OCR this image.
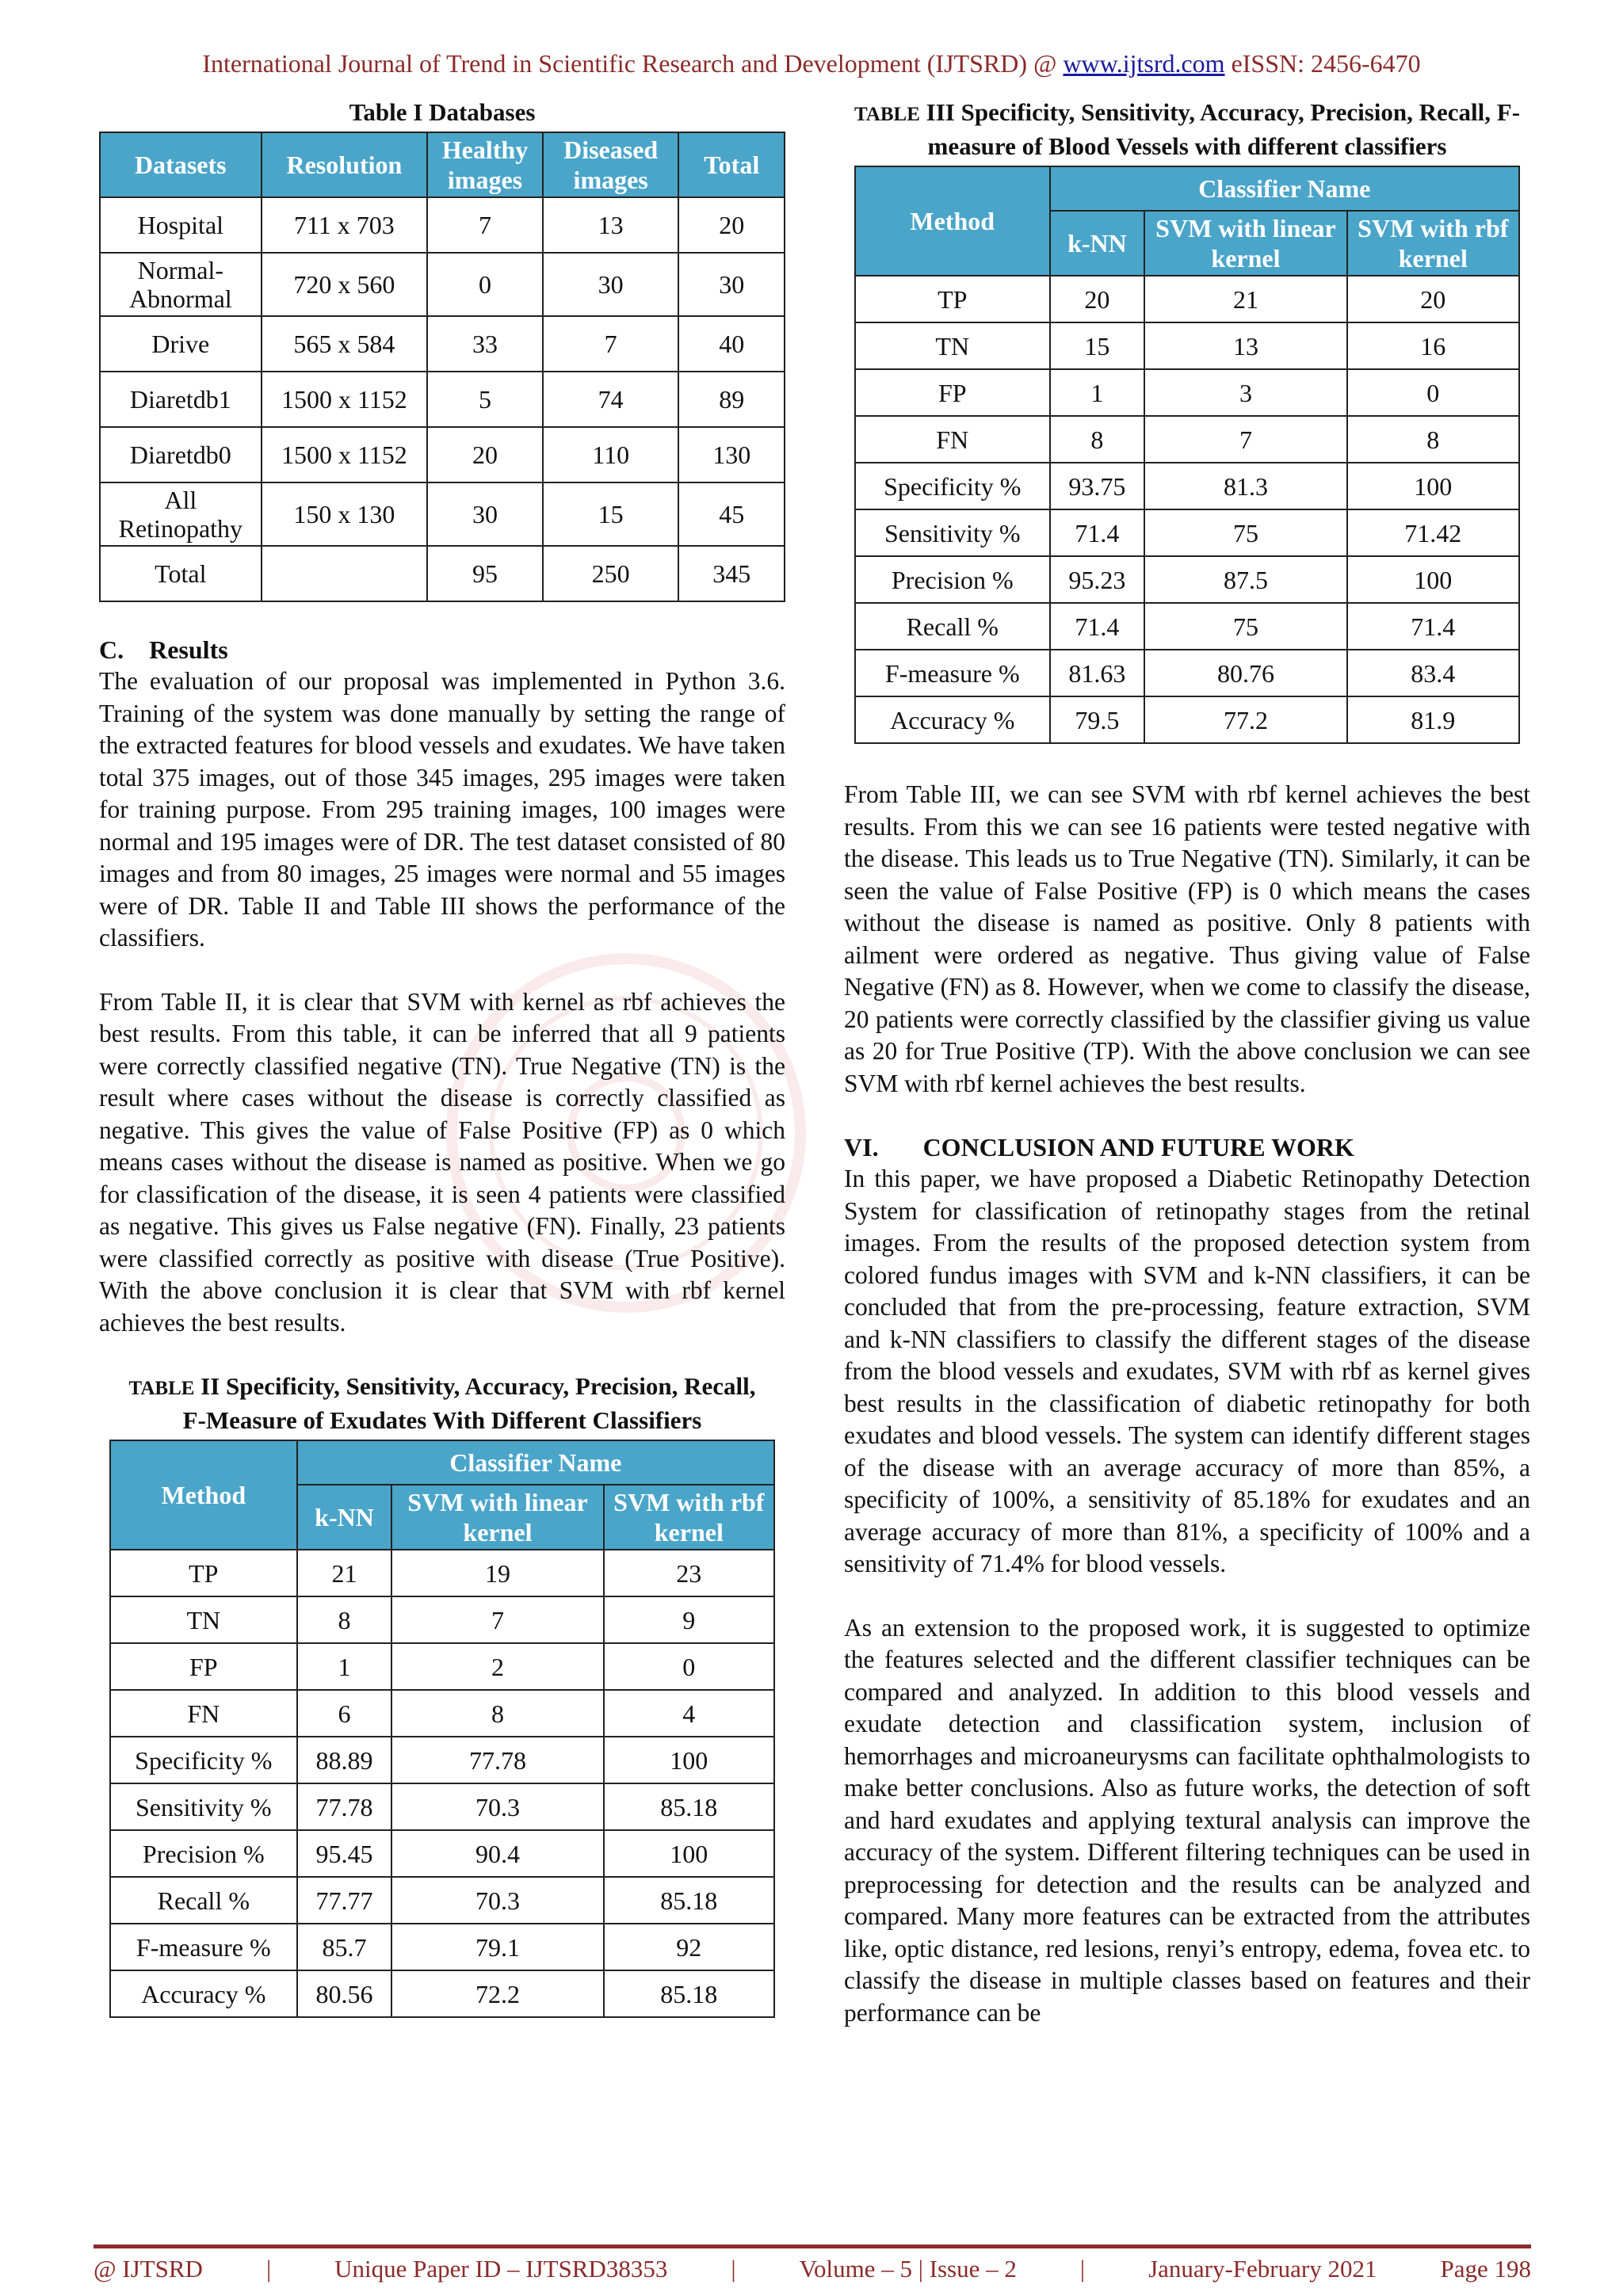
International Journal of Trend in Scientific Research and Development (IJTSRD) @ www.ijtsrd.com eISSN: 2456-6470
Table I Databases
Datasets	Resolution	Healthy images	Diseased images	Total
Hospital	711 x 703	7	13	20
Normal-Abnormal	720 x 560	0	30	30
Drive	565 x 584	33	7	40
Diaretdb1	1500 x 1152	5	74	89
Diaretdb0	1500 x 1152	20	110	130
All Retinopathy	150 x 130	30	15	45
Total		95	250	345
C.    Results

The evaluation of our proposal was implemented in Python 3.6. Training of the system was done manually by setting the range of the extracted features for blood vessels and exudates. We have taken total 375 images, out of those 345 images, 295 images were taken for training purpose. From 295 training images, 100 images were normal and 195 images were of DR. The test dataset consisted of 80 images and from 80 images, 25 images were normal and 55 images were of DR. Table II and Table III shows the performance of the classifiers.

From Table II, it is clear that SVM with kernel as rbf achieves the best results. From this table, it can be inferred that all 9 patients were correctly classified negative (TN). True Negative (TN) is the result where cases without the disease is correctly classified as negative. This gives the value of False Positive (FP) as 0 which means cases without the disease is named as positive. When we go for classification of the disease, it is seen 4 patients were classified as negative. This gives us False negative (FN). Finally, 23 patients were classified correctly as positive with disease (True Positive). With the above conclusion it is clear that SVM with rbf kernel achieves the best results.

TABLE II Specificity, Sensitivity, Accuracy, Precision, Recall, F-Measure of Exudates With Different Classifiers
Method	Classifier Name		
	k-NN	SVM with linear kernel	SVM with rbf kernel
TP	21	19	23
TN	8	7	9
FP	1	2	0
FN	6	8	4
Specificity %	88.89	77.78	100
Sensitivity %	77.78	70.3	85.18
Precision %	95.45	90.4	100
Recall %	77.77	70.3	85.18
F-measure %	85.7	79.1	92
Accuracy %	80.56	72.2	85.18
TABLE III Specificity, Sensitivity, Accuracy, Precision, Recall, F-measure of Blood Vessels with different classifiers
Method	Classifier Name		
	k-NN	SVM with linear kernel	SVM with rbf kernel
TP	20	21	20
TN	15	13	16
FP	1	3	0
FN	8	7	8
Specificity %	93.75	81.3	100
Sensitivity %	71.4	75	71.42
Precision %	95.23	87.5	100
Recall %	71.4	75	71.4
F-measure %	81.63	80.76	83.4
Accuracy %	79.5	77.2	81.9

From Table III, we can see SVM with rbf kernel achieves the best results. From this we can see 16 patients were tested negative with the disease. This leads us to True Negative (TN). Similarly, it can be seen the value of False Positive (FP) is 0 which means the cases without the disease is named as positive. Only 8 patients with ailment were ordered as negative. Thus giving value of False Negative (FN) as 8. However, when we come to classify the disease, 20 patients were correctly classified by the classifier giving us value as 20 for True Positive (TP). With the above conclusion we can see SVM with rbf kernel achieves the best results.

VI.       CONCLUSION AND FUTURE WORK

In this paper, we have proposed a Diabetic Retinopathy Detection System for classification of retinopathy stages from the retinal images. From the results of the proposed detection system from colored fundus images with SVM and k-NN classifiers, it can be concluded that from the pre-processing, feature extraction, SVM and k-NN classifiers to classify the different stages of the disease from the blood vessels and exudates, SVM with rbf as kernel gives best results in the classification of diabetic retinopathy for both exudates and blood vessels. The system can identify different stages of the disease with an average accuracy of more than 85%, a specificity of 100%, a sensitivity of 85.18% for exudates and an average accuracy of more than 81%, a specificity of 100% and a sensitivity of 71.4% for blood vessels.

As an extension to the proposed work, it is suggested to optimize the features selected and the different classifier techniques can be compared and analyzed. In addition to this blood vessels and exudate detection and classification system, inclusion of hemorrhages and microaneurysms can facilitate ophthalmologists to make better conclusions. Also as future works, the detection of soft and hard exudates and applying textural analysis can improve the accuracy of the system. Different filtering techniques can be used in preprocessing for detection and the results can be analyzed and compared. Many more features can be extracted from the attributes like, optic distance, red lesions, renyi’s entropy, edema, fovea etc. to classify the disease in multiple classes based on features and their performance can be

@ IJTSRD	|	Unique Paper ID – IJTSRD38353	|	Volume – 5 | Issue – 2	|	January-February 2021	Page 198
